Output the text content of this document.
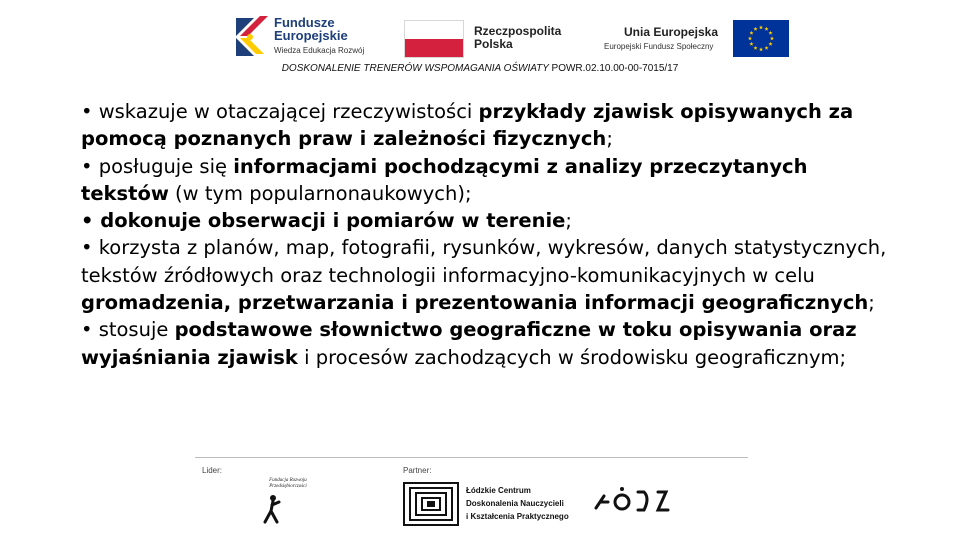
Fundusze
Europejskie
Wiedza Edukacja Rozwój
Rzeczpospolita
Polska
Unia Europejska
Europejski Fundusz Społeczny
DOSKONALENIE TRENERÓW WSPOMAGANIA OŚWIATY POWR.02.10.00-00-7015/17

• wskazuje w otaczającej rzeczywistości przykłady zjawisk opisywanych za pomocą poznanych praw i zależności fizycznych;

• posługuje się informacjami pochodzącymi z analizy przeczytanych tekstów (w tym popularnonaukowych);

• dokonuje obserwacji i pomiarów w terenie;

• korzysta z planów, map, fotografii, rysunków, wykresów, danych statystycznych, tekstów źródłowych oraz technologii informacyjno-komunikacyjnych w celu gromadzenia, przetwarzania i prezentowania informacji geograficznych;

• stosuje podstawowe słownictwo geograficzne w toku opisywania oraz wyjaśniania zjawisk i procesów zachodzących w środowisku geograficznym;

Lider:	Partner:
Fundacja Rozwoju
Przedsiębiorczości	Łódzkie Centrum
Doskonalenia Nauczycieli
i Kształcenia Praktycznego
